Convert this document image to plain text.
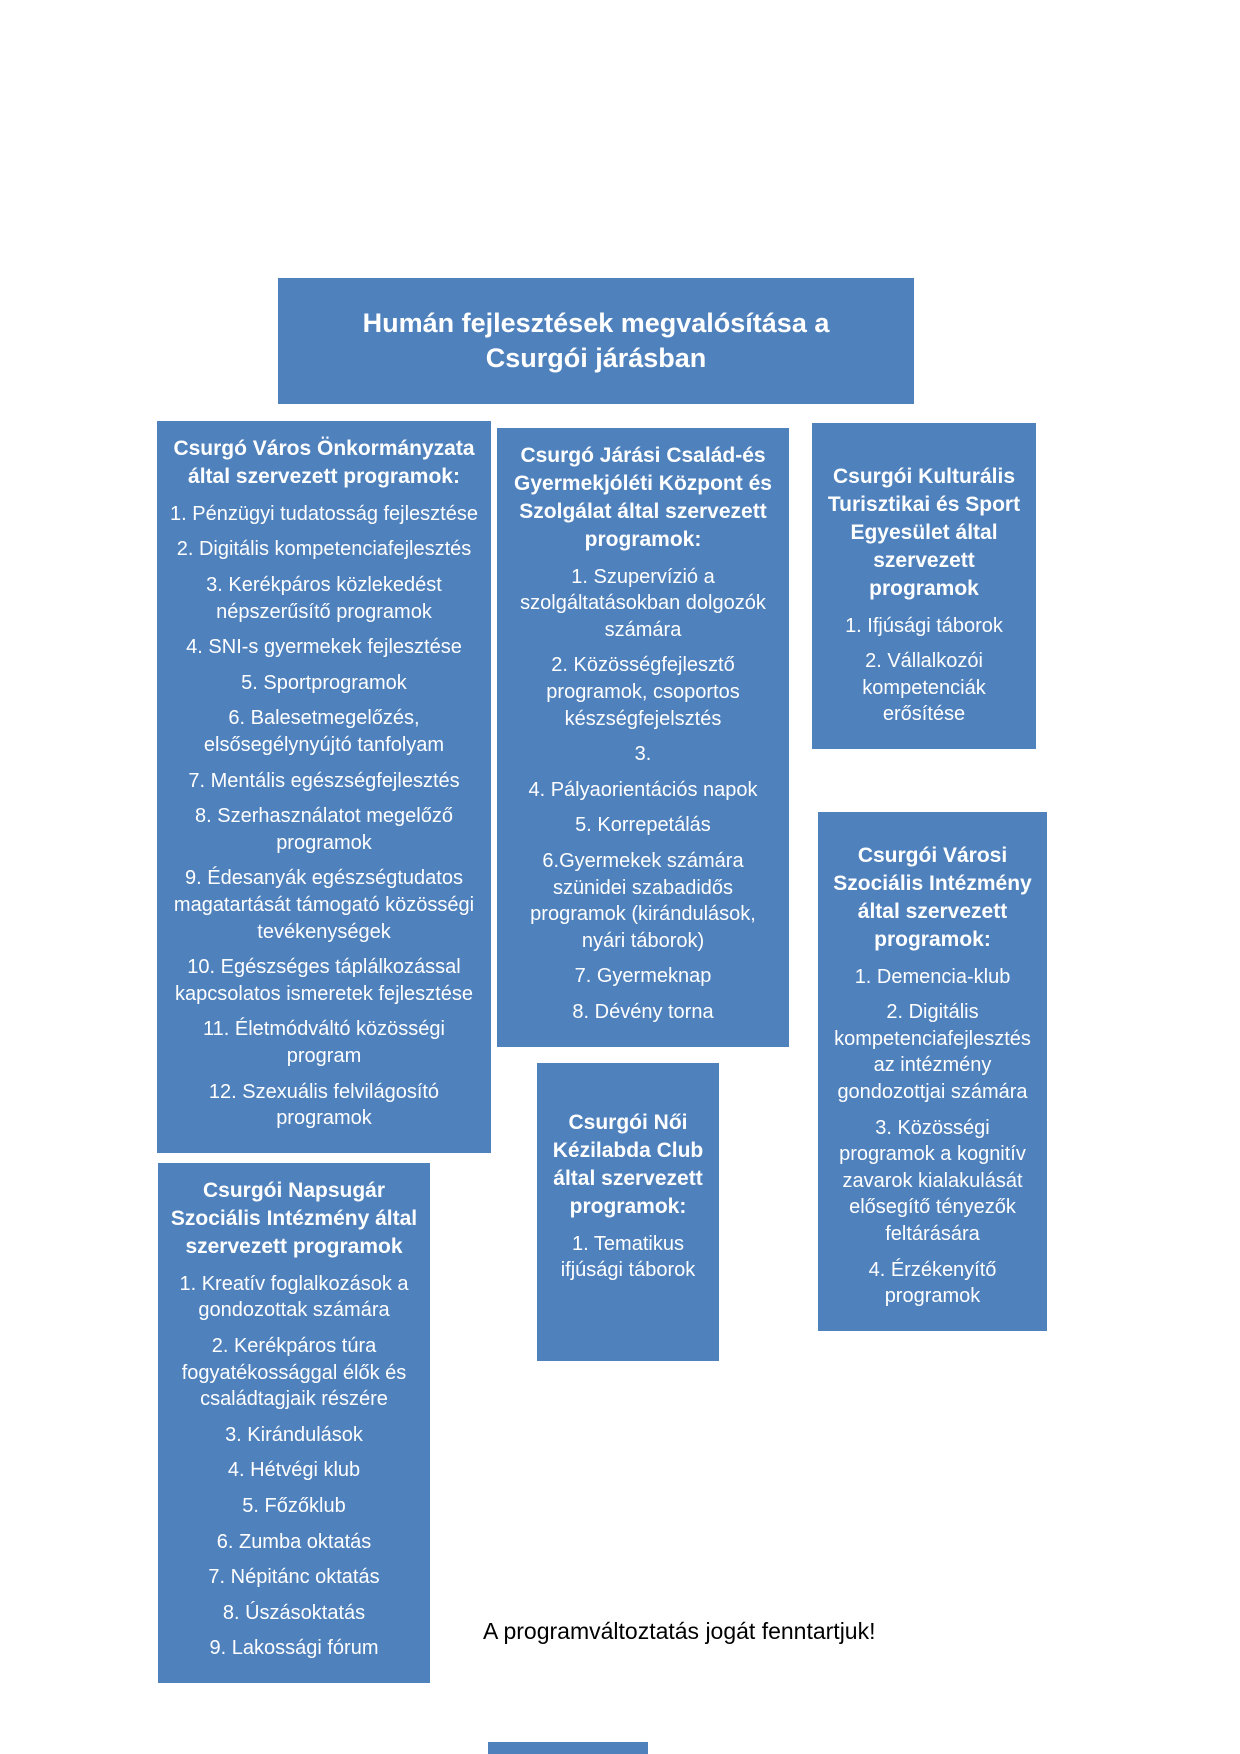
Humán fejlesztések megvalósítása a Csurgói járásban
Csurgó Város Önkormányzata által szervezett programok:
1. Pénzügyi tudatosság fejlesztése
2. Digitális kompetenciafejlesztés
3. Kerékpáros közlekedést népszerűsítő programok
4. SNI-s gyermekek fejlesztése
5. Sportprogramok
6. Balesetmegelőzés, elsősegélynyújtó tanfolyam
7. Mentális egészségfejlesztés
8. Szerhasználatot megelőző programok
9. Édesanyák egészségtudatos magatartását támogató közösségi tevékenységek
10. Egészséges táplálkozással kapcsolatos ismeretek fejlesztése
11. Életmódváltó közösségi program
12. Szexuális felvilágosító programok
Csurgói Napsugár Szociális Intézmény által szervezett programok
1. Kreatív foglalkozások a gondozottak számára
2. Kerékpáros túra fogyatékossággal élők és családtagjaik részére
3. Kirándulások
4. Hétvégi klub
5. Főzőklub
6. Zumba oktatás
7. Népitánc oktatás
8. Úszásoktatás
9. Lakossági fórum
Csurgó Járási Család-és Gyermekjóléti Központ és Szolgálat által szervezett programok:
1. Szupervízió a szolgáltatásokban dolgozók számára
2. Közösségfejlesztő programok, csoportos készségfejelsztés
3.
4. Pályaorientációs napok
5. Korrepetálás
6.Gyermekek számára szünidei szabadidős programok (kirándulások, nyári táborok)
7. Gyermeknap
8. Dévény torna
Csurgói Kulturális Turisztikai és Sport Egyesület által szervezett programok
1. Ifjúsági táborok
2. Vállalkozói kompetenciák erősítése
Csurgói Városi Szociális Intézmény által szervezett programok:
1. Demencia-klub
2. Digitális kompetenciafejlesztés az intézmény gondozottjai számára
3. Közösségi programok a kognitív zavarok kialakulását elősegítő tényezők feltárására
4. Érzékenyítő programok
Csurgói Női Kézilabda Club által szervezett programok:
1. Tematikus ifjúsági táborok
A programváltoztatás jogát fenntartjuk!
